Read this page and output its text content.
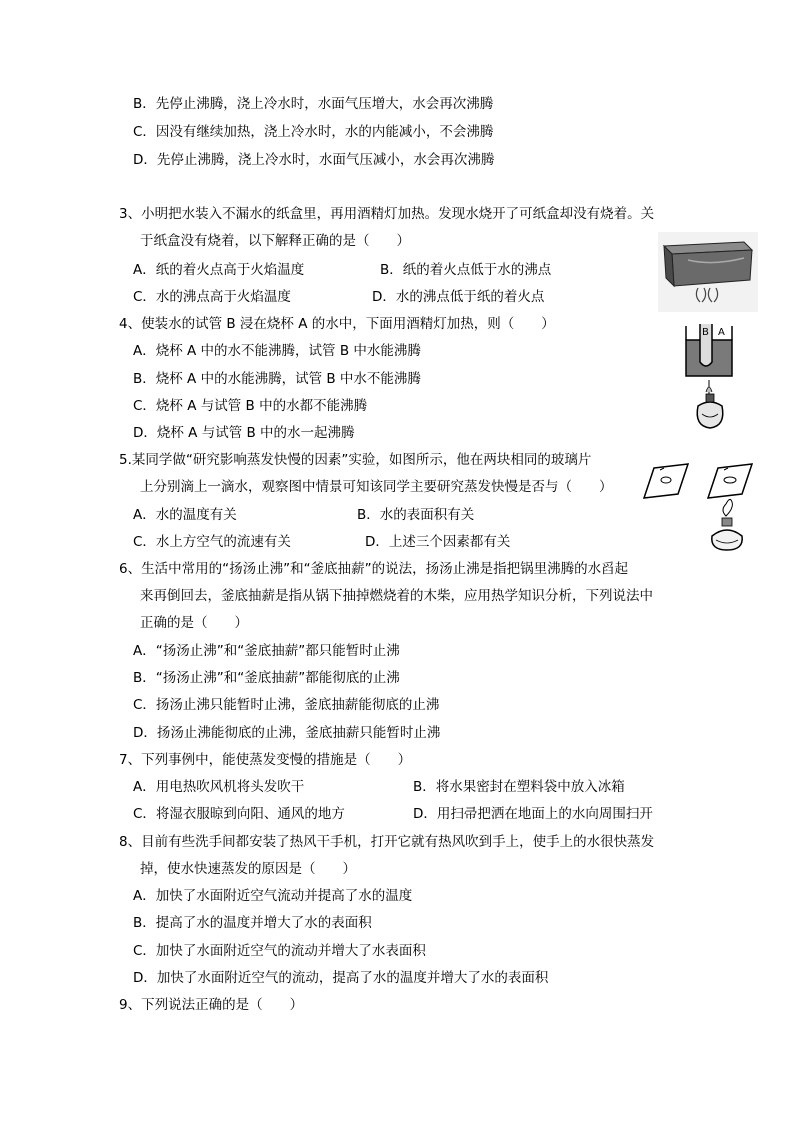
B．先停止沸腾，浇上冷水时，水面气压增大，水会再次沸腾
C．因没有继续加热，浇上冷水时，水的内能减小，不会沸腾
D．先停止沸腾，浇上冷水时，水面气压减小，水会再次沸腾
3、小明把水装入不漏水的纸盒里，再用酒精灯加热。发现水烧开了可纸盒却没有烧着。关
于纸盒没有烧着，以下解释正确的是（　　）
A．纸的着火点高于火焰温度	B．纸的着火点低于水的沸点
C．水的沸点高于火焰温度	D．水的沸点低于纸的着火点
4、使装水的试管 B 浸在烧杯 A 的水中，下面用酒精灯加热，则（　　）
A．烧杯 A 中的水不能沸腾，试管 B 中水能沸腾
B．烧杯 A 中的水能沸腾，试管 B 中水不能沸腾
C．烧杯 A 与试管 B 中的水都不能沸腾
D．烧杯 A 与试管 B 中的水一起沸腾
B A
5.某同学做“研究影响蒸发快慢的因素”实验，如图所示，他在两块相同的玻璃片
上分别滴上一滴水，观察图中情景可知该同学主要研究蒸发快慢是否与（　　）
A．水的温度有关	B．水的表面积有关
C．水上方空气的流速有关	D．上述三个因素都有关
6、生活中常用的“扬汤止沸”和“釜底抽薪”的说法，扬汤止沸是指把锅里沸腾的水舀起
来再倒回去，釜底抽薪是指从锅下抽掉燃烧着的木柴，应用热学知识分析，下列说法中
正确的是（　　）
A．“扬汤止沸”和“釜底抽薪”都只能暂时止沸
B．“扬汤止沸”和“釜底抽薪”都能彻底的止沸
C．扬汤止沸只能暂时止沸，釜底抽薪能彻底的止沸
D．扬汤止沸能彻底的止沸，釜底抽薪只能暂时止沸
7、下列事例中，能使蒸发变慢的措施是（　　）
A．用电热吹风机将头发吹干	B．将水果密封在塑料袋中放入冰箱
C．将湿衣服晾到向阳、通风的地方	D．用扫帚把洒在地面上的水向周围扫开
8、目前有些洗手间都安装了热风干手机，打开它就有热风吹到手上，使手上的水很快蒸发
掉，使水快速蒸发的原因是（　　）
A．加快了水面附近空气流动并提高了水的温度
B．提高了水的温度并增大了水的表面积
C．加快了水面附近空气的流动并增大了水表面积
D．加快了水面附近空气的流动，提高了水的温度并增大了水的表面积
9、下列说法正确的是（　　）
